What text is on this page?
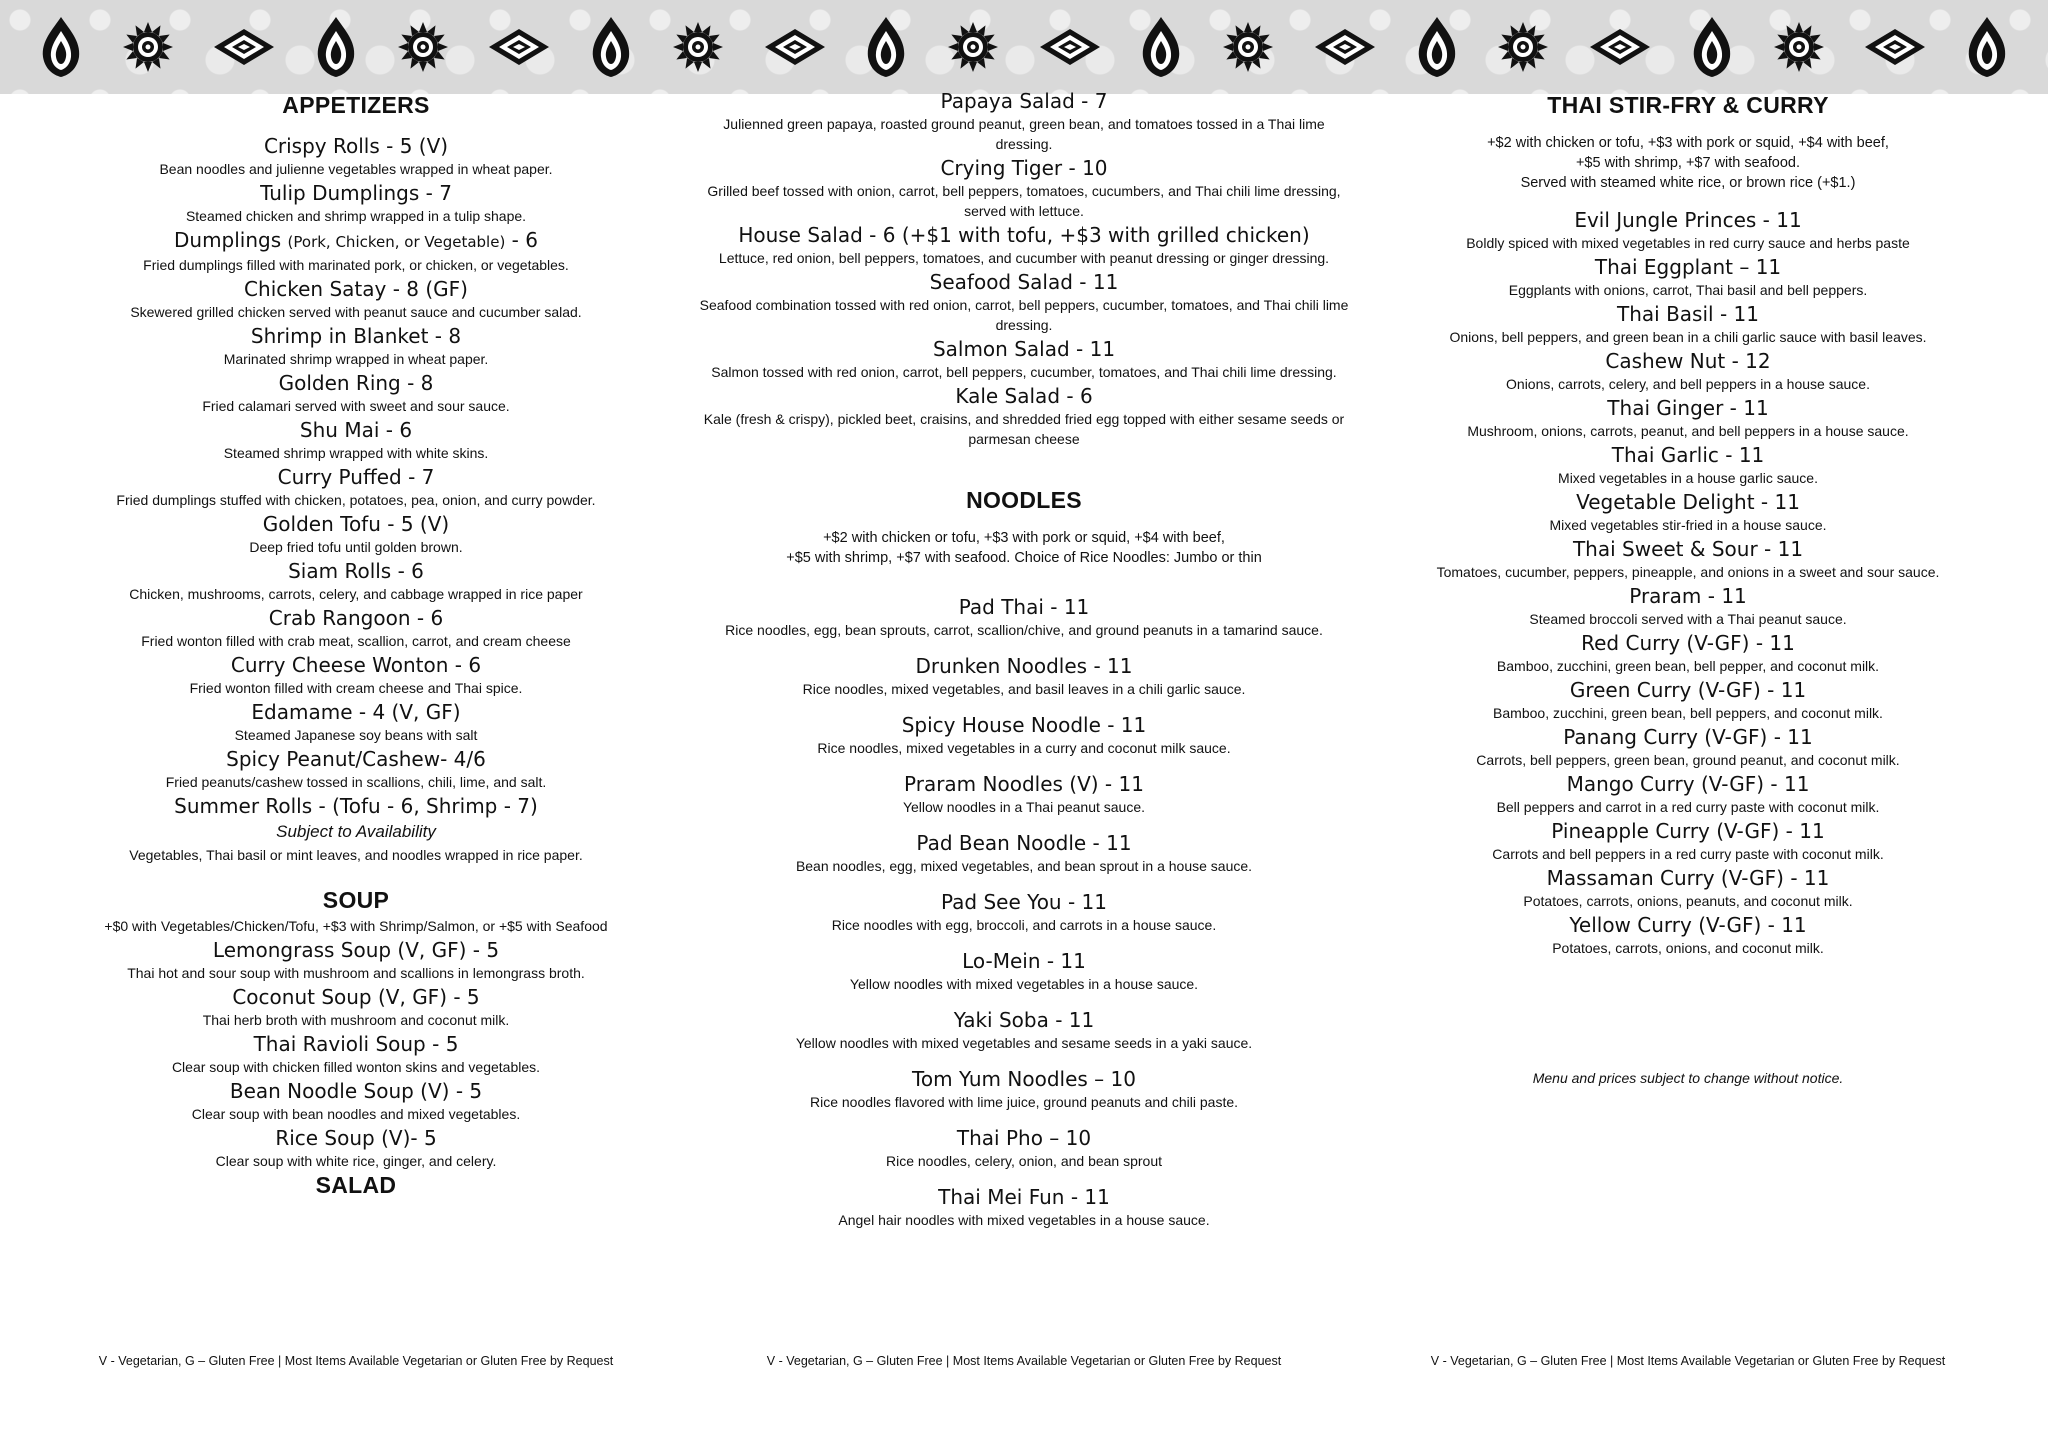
APPETIZERS
Crispy Rolls - 5 (V)
Bean noodles and julienne vegetables wrapped in wheat paper.
Tulip Dumplings - 7
Steamed chicken and shrimp wrapped in a tulip shape.
Dumplings (Pork, Chicken, or Vegetable) - 6
Fried dumplings filled with marinated pork, or chicken, or vegetables.
Chicken Satay - 8 (GF)
Skewered grilled chicken served with peanut sauce and cucumber salad.
Shrimp in Blanket - 8
Marinated shrimp wrapped in wheat paper.
Golden Ring - 8
Fried calamari served with sweet and sour sauce.
Shu Mai - 6
Steamed shrimp wrapped with white skins.
Curry Puffed - 7
Fried dumplings stuffed with chicken, potatoes, pea, onion, and curry powder.
Golden Tofu - 5 (V)
Deep fried tofu until golden brown.
Siam Rolls - 6
Chicken, mushrooms, carrots, celery, and cabbage wrapped in rice paper
Crab Rangoon - 6
Fried wonton filled with crab meat, scallion, carrot, and cream cheese
Curry Cheese Wonton - 6
Fried wonton filled with cream cheese and Thai spice.
Edamame - 4 (V, GF)
Steamed Japanese soy beans with salt
Spicy Peanut/Cashew- 4/6
Fried peanuts/cashew tossed in scallions, chili, lime, and salt.
Summer Rolls - (Tofu - 6, Shrimp - 7)
Subject to Availability
Vegetables, Thai basil or mint leaves, and noodles wrapped in rice paper.
SOUP
+$0 with Vegetables/Chicken/Tofu, +$3 with Shrimp/Salmon, or +$5 with Seafood
Lemongrass Soup (V, GF) - 5
Thai hot and sour soup with mushroom and scallions in lemongrass broth.
Coconut Soup (V, GF) - 5
Thai herb broth with mushroom and coconut milk.
Thai Ravioli Soup - 5
Clear soup with chicken filled wonton skins and vegetables.
Bean Noodle Soup (V) - 5
Clear soup with bean noodles and mixed vegetables.
Rice Soup (V)- 5
Clear soup with white rice, ginger, and celery.
SALAD
Papaya Salad - 7
Julienned green papaya, roasted ground peanut, green bean, and tomatoes tossed in a Thai lime dressing.
Crying Tiger - 10
Grilled beef tossed with onion, carrot, bell peppers, tomatoes, cucumbers, and Thai chili lime dressing, served with lettuce.
House Salad - 6 (+$1 with tofu, +$3 with grilled chicken)
Lettuce, red onion, bell peppers, tomatoes, and cucumber with peanut dressing or ginger dressing.
Seafood Salad - 11
Seafood combination tossed with red onion, carrot, bell peppers, cucumber, tomatoes, and Thai chili lime dressing.
Salmon Salad - 11
Salmon tossed with red onion, carrot, bell peppers, cucumber, tomatoes, and Thai chili lime dressing.
Kale Salad - 6
Kale (fresh & crispy), pickled beet, craisins, and shredded fried egg topped with either sesame seeds or parmesan cheese
NOODLES
+$2 with chicken or tofu, +$3 with pork or squid, +$4 with beef,
+$5 with shrimp, +$7 with seafood. Choice of Rice Noodles: Jumbo or thin
Pad Thai - 11
Rice noodles, egg, bean sprouts, carrot, scallion/chive, and ground peanuts in a tamarind sauce.
Drunken Noodles - 11
Rice noodles, mixed vegetables, and basil leaves in a chili garlic sauce.
Spicy House Noodle - 11
Rice noodles, mixed vegetables in a curry and coconut milk sauce.
Praram Noodles (V) - 11
Yellow noodles in a Thai peanut sauce.
Pad Bean Noodle - 11
Bean noodles, egg, mixed vegetables, and bean sprout in a house sauce.
Pad See You - 11
Rice noodles with egg, broccoli, and carrots in a house sauce.
Lo-Mein - 11
Yellow noodles with mixed vegetables in a house sauce.
Yaki Soba - 11
Yellow noodles with mixed vegetables and sesame seeds in a yaki sauce.
Tom Yum Noodles – 10
Rice noodles flavored with lime juice, ground peanuts and chili paste.
Thai Pho – 10
Rice noodles, celery, onion, and bean sprout
Thai Mei Fun - 11
Angel hair noodles with mixed vegetables in a house sauce.
THAI STIR-FRY & CURRY
+$2 with chicken or tofu, +$3 with pork or squid, +$4 with beef,
+$5 with shrimp, +$7 with seafood.
Served with steamed white rice, or brown rice (+$1.)
Evil Jungle Princes - 11
Boldly spiced with mixed vegetables in red curry sauce and herbs paste
Thai Eggplant – 11
Eggplants with onions, carrot, Thai basil and bell peppers.
Thai Basil - 11
Onions, bell peppers, and green bean in a chili garlic sauce with basil leaves.
Cashew Nut - 12
Onions, carrots, celery, and bell peppers in a house sauce.
Thai Ginger - 11
Mushroom, onions, carrots, peanut, and bell peppers in a house sauce.
Thai Garlic - 11
Mixed vegetables in a house garlic sauce.
Vegetable Delight - 11
Mixed vegetables stir-fried in a house sauce.
Thai Sweet & Sour - 11
Tomatoes, cucumber, peppers, pineapple, and onions in a sweet and sour sauce.
Praram - 11
Steamed broccoli served with a Thai peanut sauce.
Red Curry (V-GF) - 11
Bamboo, zucchini, green bean, bell pepper, and coconut milk.
Green Curry (V-GF) - 11
Bamboo, zucchini, green bean, bell peppers, and coconut milk.
Panang Curry (V-GF) - 11
Carrots, bell peppers, green bean, ground peanut, and coconut milk.
Mango Curry (V-GF) - 11
Bell peppers and carrot in a red curry paste with coconut milk.
Pineapple Curry (V-GF) - 11
Carrots and bell peppers in a red curry paste with coconut milk.
Massaman Curry (V-GF) - 11
Potatoes, carrots, onions, peanuts, and coconut milk.
Yellow Curry (V-GF) - 11
Potatoes, carrots, onions, and coconut milk.
Menu and prices subject to change without notice.
V - Vegetarian, G – Gluten Free | Most Items Available Vegetarian or Gluten Free by Request	V - Vegetarian, G – Gluten Free | Most Items Available Vegetarian or Gluten Free by Request	V - Vegetarian, G – Gluten Free | Most Items Available Vegetarian or Gluten Free by Request
